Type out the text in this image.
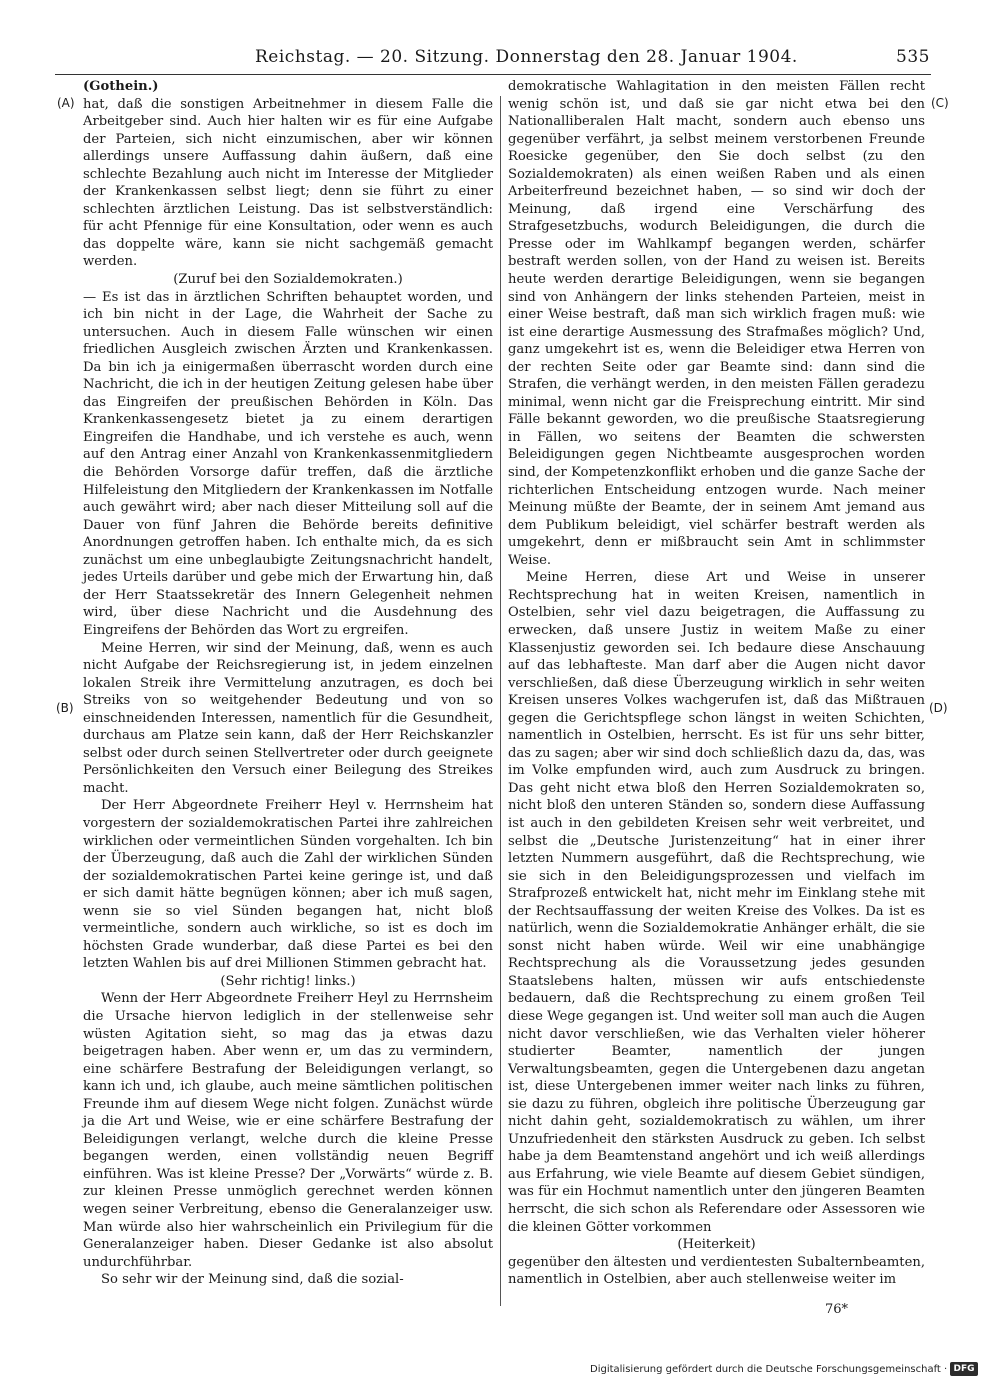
Reichstag. — 20. Sitzung. Donnerstag den 28. Januar 1904.	535
(A)
(B)
(C)
(D)

(Gothein.)

hat, daß die sonstigen Arbeitnehmer in diesem Falle die Arbeitgeber sind. Auch hier halten wir es für eine Aufgabe der Parteien, sich nicht einzumischen, aber wir können allerdings unsere Auffassung dahin äußern, daß eine schlechte Bezahlung auch nicht im Interesse der Mitglieder der Krankenkassen selbst liegt; denn sie führt zu einer schlechten ärztlichen Leistung. Das ist selbstverständlich: für acht Pfennige für eine Konsultation, oder wenn es auch das doppelte wäre, kann sie nicht sachgemäß gemacht werden.

(Zuruf bei den Sozialdemokraten.)

— Es ist das in ärztlichen Schriften behauptet worden, und ich bin nicht in der Lage, die Wahrheit der Sache zu untersuchen. Auch in diesem Falle wünschen wir einen friedlichen Ausgleich zwischen Ärzten und Krankenkassen. Da bin ich ja einigermaßen überrascht worden durch eine Nachricht, die ich in der heutigen Zeitung gelesen habe über das Eingreifen der preußischen Behörden in Köln. Das Krankenkassengesetz bietet ja zu einem derartigen Eingreifen die Handhabe, und ich verstehe es auch, wenn auf den Antrag einer Anzahl von Krankenkassenmitgliedern die Behörden Vorsorge dafür treffen, daß die ärztliche Hilfeleistung den Mitgliedern der Krankenkassen im Notfalle auch gewährt wird; aber nach dieser Mitteilung soll auf die Dauer von fünf Jahren die Behörde bereits definitive Anordnungen getroffen haben. Ich enthalte mich, da es sich zunächst um eine unbeglaubigte Zeitungsnachricht handelt, jedes Urteils darüber und gebe mich der Erwartung hin, daß der Herr Staatssekretär des Innern Gelegenheit nehmen wird, über diese Nachricht und die Ausdehnung des Eingreifens der Behörden das Wort zu ergreifen.

Meine Herren, wir sind der Meinung, daß, wenn es auch nicht Aufgabe der Reichsregierung ist, in jedem einzelnen lokalen Streik ihre Vermittelung anzutragen, es doch bei Streiks von so weitgehender Bedeutung und von so einschneidenden Interessen, namentlich für die Gesundheit, durchaus am Platze sein kann, daß der Herr Reichskanzler selbst oder durch seinen Stellvertreter oder durch geeignete Persönlichkeiten den Versuch einer Beilegung des Streikes macht.

Der Herr Abgeordnete Freiherr Heyl v. Herrnsheim hat vorgestern der sozialdemokratischen Partei ihre zahlreichen wirklichen oder vermeintlichen Sünden vorgehalten. Ich bin der Überzeugung, daß auch die Zahl der wirklichen Sünden der sozialdemokratischen Partei keine geringe ist, und daß er sich damit hätte begnügen können; aber ich muß sagen, wenn sie so viel Sünden begangen hat, nicht bloß vermeintliche, sondern auch wirkliche, so ist es doch im höchsten Grade wunderbar, daß diese Partei es bei den letzten Wahlen bis auf drei Millionen Stimmen gebracht hat.

(Sehr richtig! links.)

Wenn der Herr Abgeordnete Freiherr Heyl zu Herrnsheim die Ursache hiervon lediglich in der stellenweise sehr wüsten Agitation sieht, so mag das ja etwas dazu beigetragen haben. Aber wenn er, um das zu vermindern, eine schärfere Bestrafung der Beleidigungen verlangt, so kann ich und, ich glaube, auch meine sämtlichen politischen Freunde ihm auf diesem Wege nicht folgen. Zunächst würde ja die Art und Weise, wie er eine schärfere Bestrafung der Beleidigungen verlangt, welche durch die kleine Presse begangen werden, einen vollständig neuen Begriff einführen. Was ist kleine Presse? Der „Vorwärts“ würde z. B. zur kleinen Presse unmöglich gerechnet werden können wegen seiner Verbreitung, ebenso die Generalanzeiger usw. Man würde also hier wahrscheinlich ein Privilegium für die Generalanzeiger haben. Dieser Gedanke ist also absolut undurchführbar.

So sehr wir der Meinung sind, daß die sozial-

demokratische Wahlagitation in den meisten Fällen recht wenig schön ist, und daß sie gar nicht etwa bei den Nationalliberalen Halt macht, sondern auch ebenso uns gegenüber verfährt, ja selbst meinem verstorbenen Freunde Roesicke gegenüber, den Sie doch selbst (zu den Sozialdemokraten) als einen weißen Raben und als einen Arbeiterfreund bezeichnet haben, — so sind wir doch der Meinung, daß irgend eine Verschärfung des Strafgesetzbuchs, wodurch Beleidigungen, die durch die Presse oder im Wahlkampf begangen werden, schärfer bestraft werden sollen, von der Hand zu weisen ist. Bereits heute werden derartige Beleidigungen, wenn sie begangen sind von Anhängern der links stehenden Parteien, meist in einer Weise bestraft, daß man sich wirklich fragen muß: wie ist eine derartige Ausmessung des Strafmaßes möglich? Und, ganz umgekehrt ist es, wenn die Beleidiger etwa Herren von der rechten Seite oder gar Beamte sind: dann sind die Strafen, die verhängt werden, in den meisten Fällen geradezu minimal, wenn nicht gar die Freisprechung eintritt. Mir sind Fälle bekannt geworden, wo die preußische Staatsregierung in Fällen, wo seitens der Beamten die schwersten Beleidigungen gegen Nichtbeamte ausgesprochen worden sind, der Kompetenzkonflikt erhoben und die ganze Sache der richterlichen Entscheidung entzogen wurde. Nach meiner Meinung müßte der Beamte, der in seinem Amt jemand aus dem Publikum beleidigt, viel schärfer bestraft werden als umgekehrt, denn er mißbraucht sein Amt in schlimmster Weise.

Meine Herren, diese Art und Weise in unserer Rechtsprechung hat in weiten Kreisen, namentlich in Ostelbien, sehr viel dazu beigetragen, die Auffassung zu erwecken, daß unsere Justiz in weitem Maße zu einer Klassenjustiz geworden sei. Ich bedaure diese Anschauung auf das lebhafteste. Man darf aber die Augen nicht davor verschließen, daß diese Überzeugung wirklich in sehr weiten Kreisen unseres Volkes wachgerufen ist, daß das Mißtrauen gegen die Gerichtspflege schon längst in weiten Schichten, namentlich in Ostelbien, herrscht. Es ist für uns sehr bitter, das zu sagen; aber wir sind doch schließlich dazu da, das, was im Volke empfunden wird, auch zum Ausdruck zu bringen. Das geht nicht etwa bloß den Herren Sozialdemokraten so, nicht bloß den unteren Ständen so, sondern diese Auffassung ist auch in den gebildeten Kreisen sehr weit verbreitet, und selbst die „Deutsche Juristenzeitung“ hat in einer ihrer letzten Nummern ausgeführt, daß die Rechtsprechung, wie sie sich in den Beleidigungsprozessen und vielfach im Strafprozeß entwickelt hat, nicht mehr im Einklang stehe mit der Rechtsauffassung der weiten Kreise des Volkes. Da ist es natürlich, wenn die Sozialdemokratie Anhänger erhält, die sie sonst nicht haben würde. Weil wir eine unabhängige Rechtsprechung als die Voraussetzung jedes gesunden Staatslebens halten, müssen wir aufs entschiedenste bedauern, daß die Rechtsprechung zu einem großen Teil diese Wege gegangen ist. Und weiter soll man auch die Augen nicht davor verschließen, wie das Verhalten vieler höherer studierter Beamter, namentlich der jungen Verwaltungsbeamten, gegen die Untergebenen dazu angetan ist, diese Untergebenen immer weiter nach links zu führen, sie dazu zu führen, obgleich ihre politische Überzeugung gar nicht dahin geht, sozialdemokratisch zu wählen, um ihrer Unzufriedenheit den stärksten Ausdruck zu geben. Ich selbst habe ja dem Beamtenstand angehört und ich weiß allerdings aus Erfahrung, wie viele Beamte auf diesem Gebiet sündigen, was für ein Hochmut namentlich unter den jüngeren Beamten herrscht, die sich schon als Referendare oder Assessoren wie die kleinen Götter vorkommen

(Heiterkeit)

gegenüber den ältesten und verdientesten Subalternbeamten, namentlich in Ostelbien, aber auch stellenweise weiter im

76*
Digitalisierung gefördert durch die Deutsche Forschungsgemeinschaft · DFG
